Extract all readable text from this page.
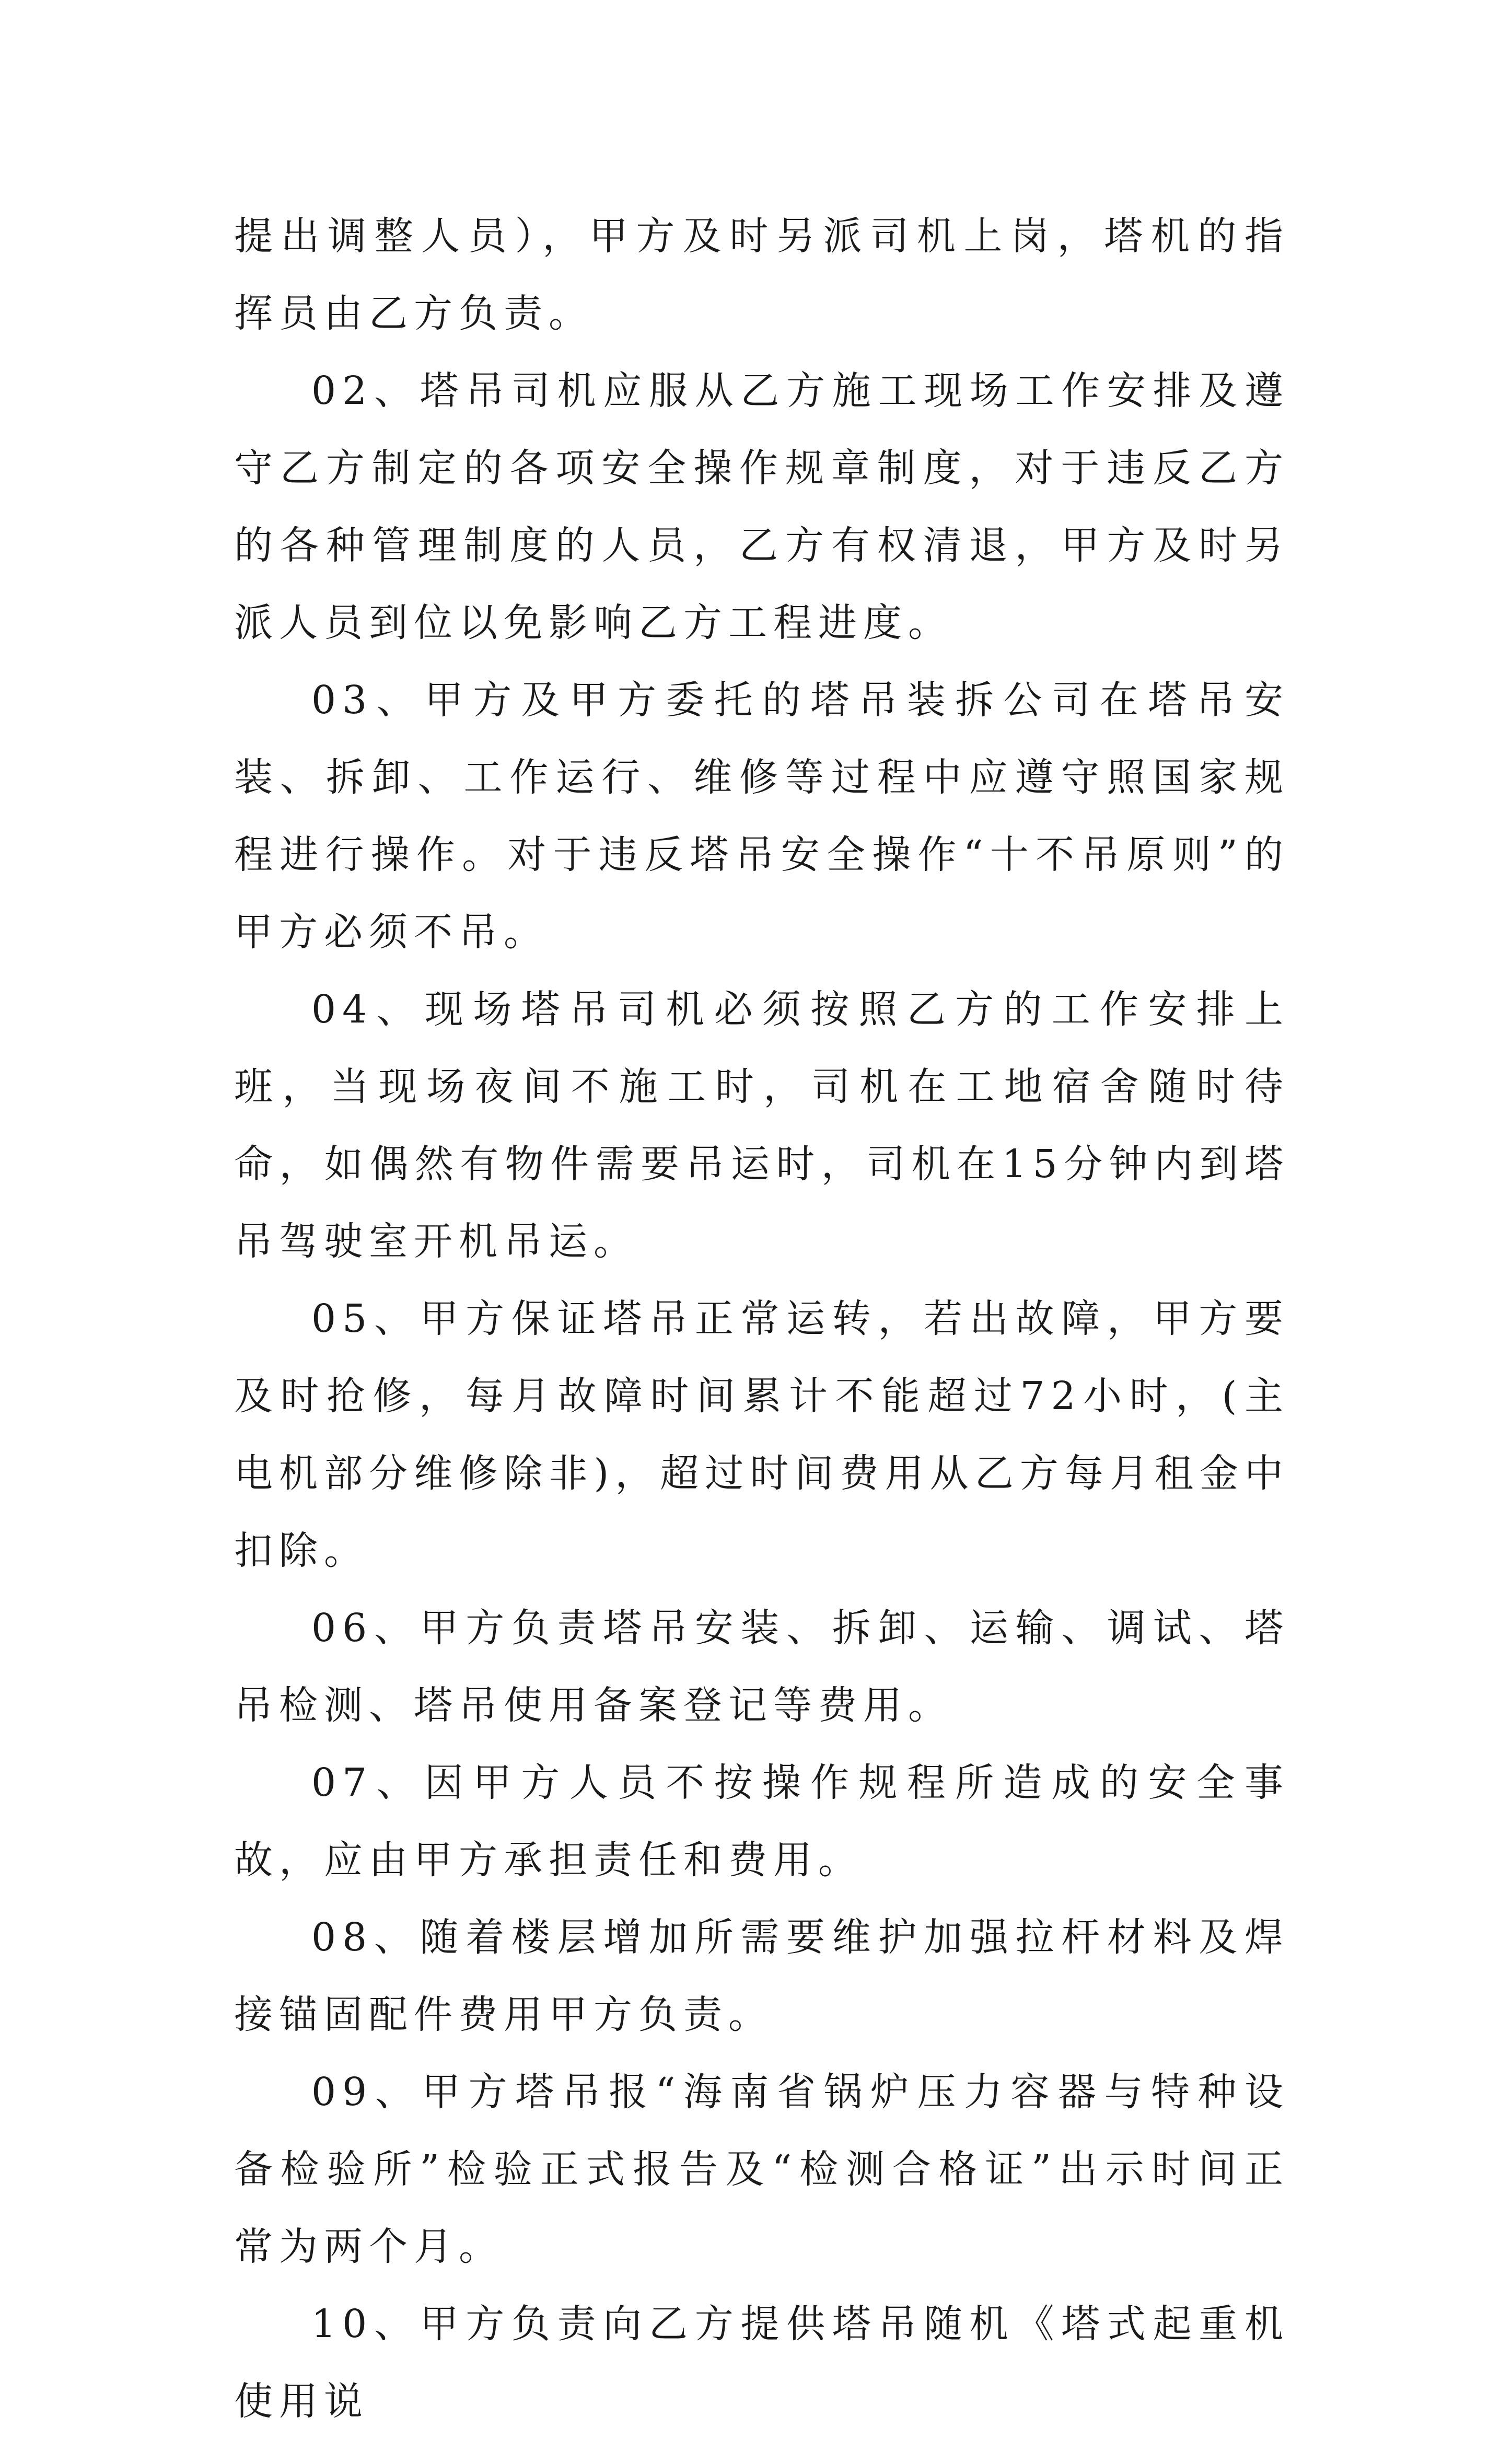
提出调整人员），甲方及时另派司机上岗，塔机的指挥员由乙方负责。

02、塔吊司机应服从乙方施工现场工作安排及遵守乙方制定的各项安全操作规章制度，对于违反乙方的各种管理制度的人员，乙方有权清退，甲方及时另派人员到位以免影响乙方工程进度。

03、甲方及甲方委托的塔吊装拆公司在塔吊安装、拆卸、工作运行、维修等过程中应遵守照国家规程进行操作。对于违反塔吊安全操作“十不吊原则”的甲方必须不吊。

04、现场塔吊司机必须按照乙方的工作安排上班，当现场夜间不施工时，司机在工地宿舍随时待命，如偶然有物件需要吊运时，司机在15分钟内到塔吊驾驶室开机吊运。

05、甲方保证塔吊正常运转，若出故障，甲方要及时抢修，每月故障时间累计不能超过72小时，(主电机部分维修除非)，超过时间费用从乙方每月租金中扣除。

06、甲方负责塔吊安装、拆卸、运输、调试、塔吊检测、塔吊使用备案登记等费用。

07、因甲方人员不按操作规程所造成的安全事故，应由甲方承担责任和费用。

08、随着楼层增加所需要维护加强拉杆材料及焊接锚固配件费用甲方负责。

09、甲方塔吊报“海南省锅炉压力容器与特种设备检验所”检验正式报告及“检测合格证”出示时间正常为两个月。

10、甲方负责向乙方提供塔吊随机《塔式起重机使用说
